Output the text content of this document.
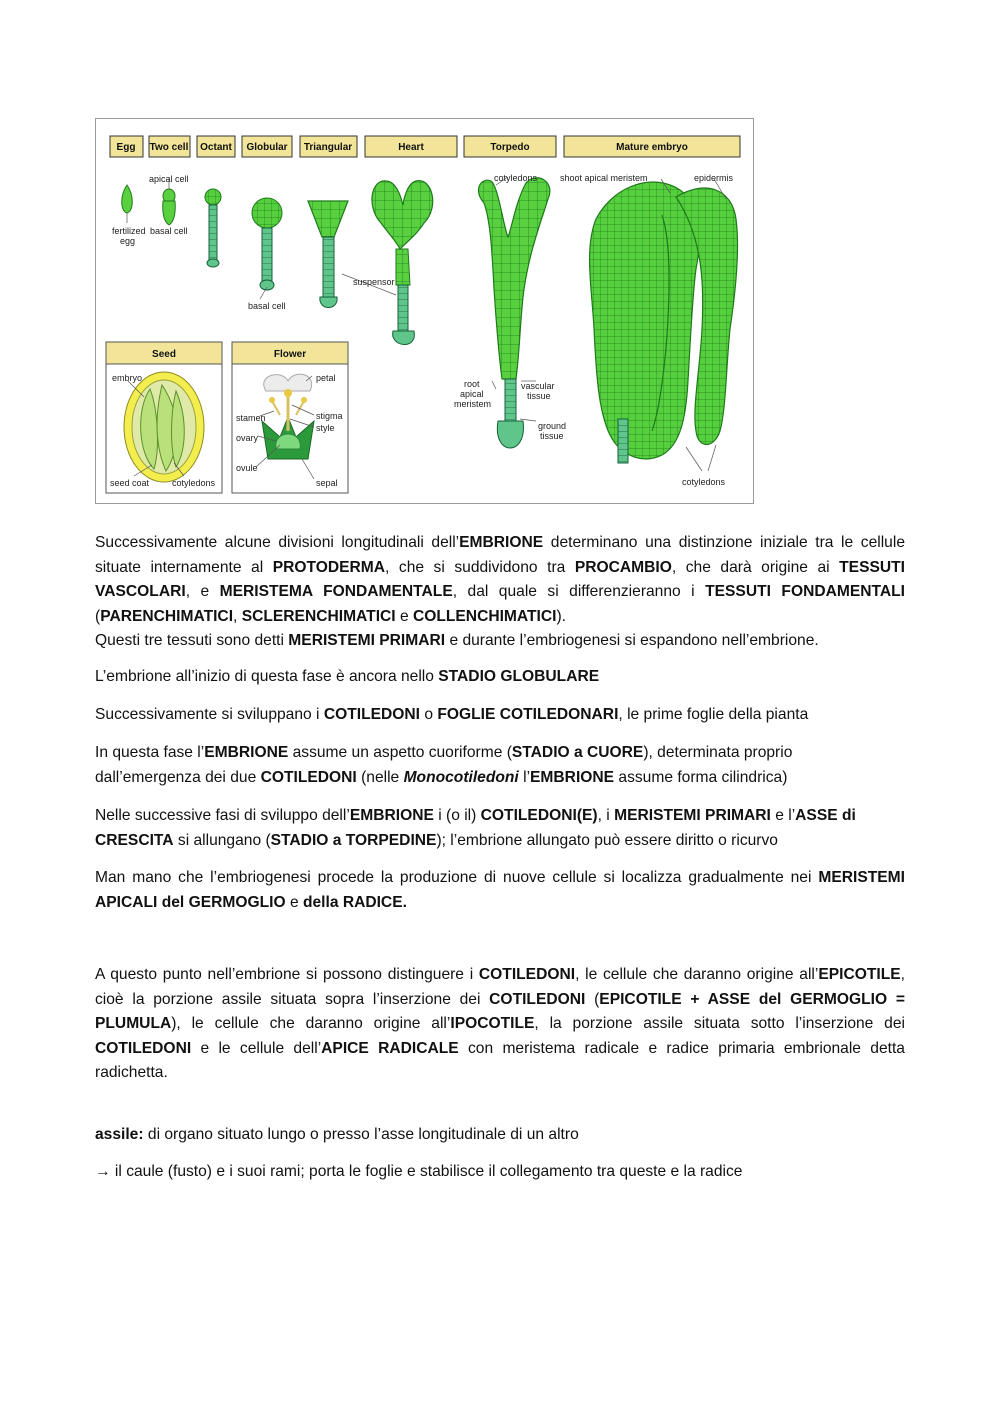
Egg Two cell Octant Globular Triangular	Heart	Torpedo	Mature embryo
fertilized
egg
apical cell
basal cell
basal cell
suspensor
cotyledons
root
apical
meristem
vascular
tissue
ground
tissue
shoot apical meristem	epidermis
cotyledons
Seed
embryo
seed coat	cotyledons
Flower
petal
stamen	stigma
style
ovary
ovule
sepal

Successivamente alcune divisioni longitudinali dell’EMBRIONE determinano una distinzione iniziale tra le cellule situate internamente al PROTODERMA, che si suddividono tra PROCAMBIO, che darà origine ai TESSUTI VASCOLARI, e MERISTEMA FONDAMENTALE, dal quale si differenzieranno i TESSUTI FONDAMENTALI (PARENCHIMATICI, SCLERENCHIMATICI e COLLENCHIMATICI).

Questi tre tessuti sono detti MERISTEMI PRIMARI e durante l’embriogenesi si espandono nell’embrione.

L’embrione all’inizio di questa fase è ancora nello STADIO GLOBULARE

Successivamente si sviluppano i COTILEDONI o FOGLIE COTILEDONARI, le prime foglie della pianta

In questa fase l’EMBRIONE assume un aspetto cuoriforme (STADIO a CUORE), determinata proprio

dall’emergenza dei due COTILEDONI (nelle Monocotiledoni l’EMBRIONE assume forma cilindrica)

Nelle successive fasi di sviluppo dell’EMBRIONE i (o il) COTILEDONI(E), i MERISTEMI PRIMARI e l’ASSE di CRESCITA si allungano (STADIO a TORPEDINE); l’embrione allungato può essere diritto o ricurvo

Man mano che l’embriogenesi procede la produzione di nuove cellule si localizza gradualmente nei MERISTEMI APICALI del GERMOGLIO e della RADICE.

A questo punto nell’embrione si possono distinguere i COTILEDONI, le cellule che daranno origine all’EPICOTILE, cioè la porzione assile situata sopra l’inserzione dei COTILEDONI (EPICOTILE + ASSE del GERMOGLIO = PLUMULA), le cellule che daranno origine all’IPOCOTILE, la porzione assile situata sotto l’inserzione dei COTILEDONI e le cellule dell’APICE RADICALE con meristema radicale e radice primaria embrionale detta radichetta.

assile: di organo situato lungo o presso l’asse longitudinale di un altro

→ il caule (fusto) e i suoi rami; porta le foglie e stabilisce il collegamento tra queste e la radice
